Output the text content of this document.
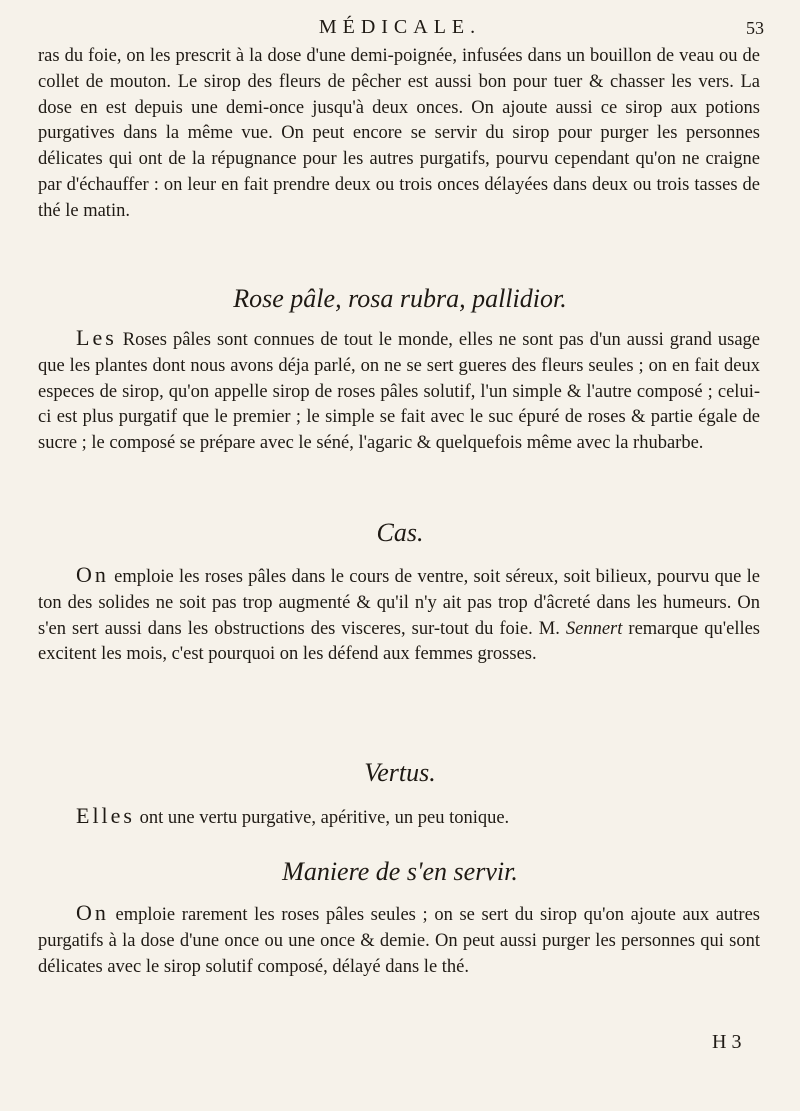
MÉDICALE.	53
ras du foie, on les prescrit à la dose d'une demi-poignée, infusées dans un bouillon de veau ou de collet de mouton. Le sirop des fleurs de pêcher est aussi bon pour tuer & chasser les vers. La dose en est depuis une demi-once jusqu'à deux onces. On ajoute aussi ce sirop aux potions purgatives dans la même vue. On peut encore se servir du sirop pour purger les personnes délicates qui ont de la répugnance pour les autres purgatifs, pourvu cependant qu'on ne craigne par d'échauffer : on leur en fait prendre deux ou trois onces délayées dans deux ou trois tasses de thé le matin.
Rose pâle, rosa rubra, pallidior.
Les Roses pâles sont connues de tout le monde, elles ne sont pas d'un aussi grand usage que les plantes dont nous avons déja parlé, on ne se sert gueres des fleurs seules ; on en fait deux especes de sirop, qu'on appelle sirop de roses pâles solutif, l'un simple & l'autre composé ; celui-ci est plus purgatif que le premier ; le simple se fait avec le suc épuré de roses & partie égale de sucre ; le composé se prépare avec le séné, l'agaric & quelquefois même avec la rhubarbe.
Cas.
On emploie les roses pâles dans le cours de ventre, soit séreux, soit bilieux, pourvu que le ton des solides ne soit pas trop augmenté & qu'il n'y ait pas trop d'âcreté dans les humeurs. On s'en sert aussi dans les obstructions des visceres, sur-tout du foie. M. Sennert remarque qu'elles excitent les mois, c'est pourquoi on les défend aux femmes grosses.
Vertus.
Elles ont une vertu purgative, apéritive, un peu tonique.
Maniere de s'en servir.
On emploie rarement les roses pâles seules ; on se sert du sirop qu'on ajoute aux autres purgatifs à la dose d'une once ou une once & demie. On peut aussi purger les personnes qui sont délicates avec le sirop solutif composé, délayé dans le thé.
H 3
